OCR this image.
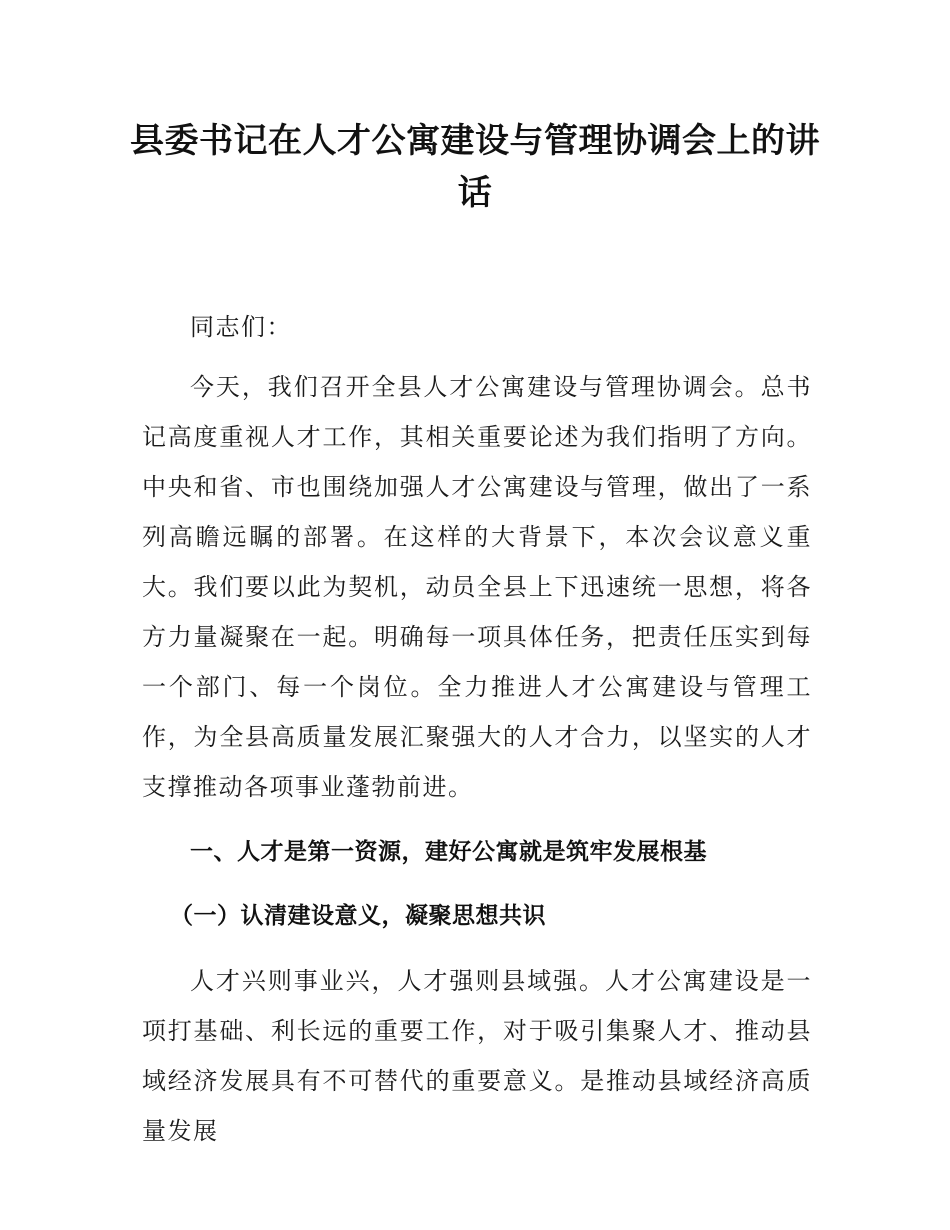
县委书记在人才公寓建设与管理协调会上的讲话

同志们：

今天，我们召开全县人才公寓建设与管理协调会。总书记高度重视人才工作，其相关重要论述为我们指明了方向。中央和省、市也围绕加强人才公寓建设与管理，做出了一系列高瞻远瞩的部署。在这样的大背景下，本次会议意义重大。我们要以此为契机，动员全县上下迅速统一思想，将各方力量凝聚在一起。明确每一项具体任务，把责任压实到每一个部门、每一个岗位。全力推进人才公寓建设与管理工作，为全县高质量发展汇聚强大的人才合力，以坚实的人才支撑推动各项事业蓬勃前进。

一、人才是第一资源，建好公寓就是筑牢发展根基
（一）认清建设意义，凝聚思想共识

人才兴则事业兴，人才强则县域强。人才公寓建设是一项打基础、利长远的重要工作，对于吸引集聚人才、推动县域经济发展具有不可替代的重要意义。是推动县域经济高质量发展
